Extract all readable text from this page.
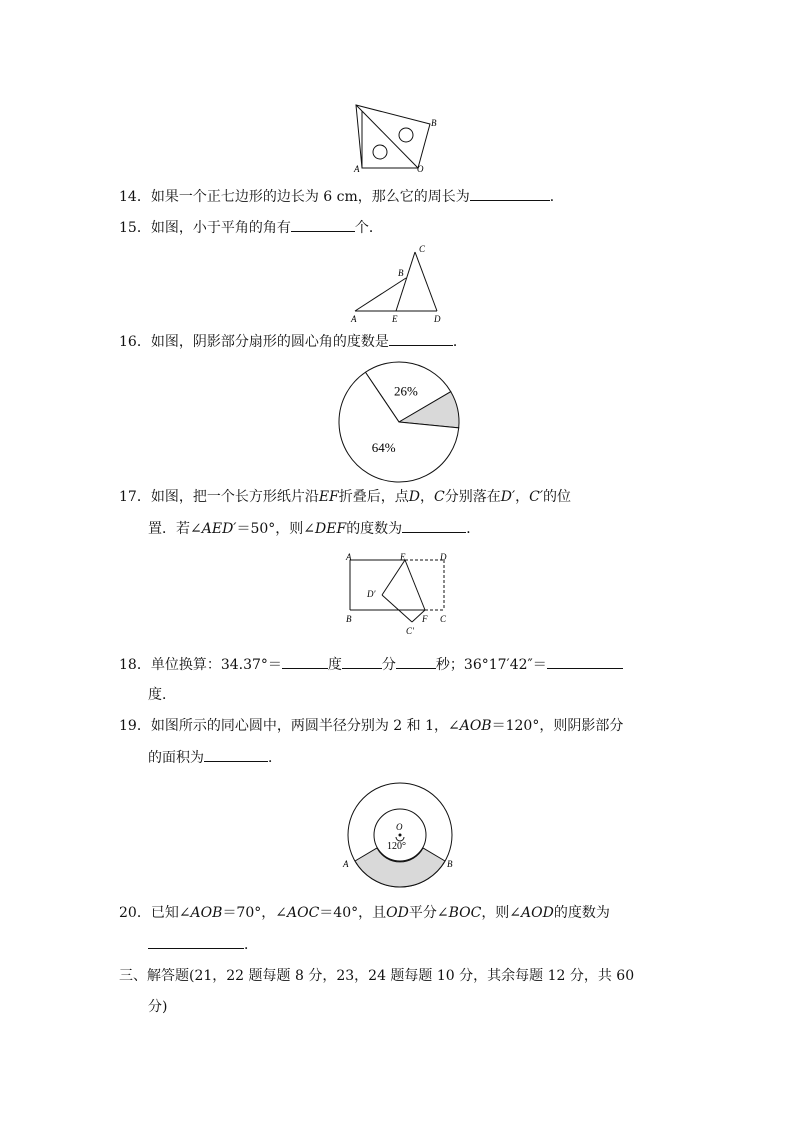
A	O
B
14．如果一个正七边形的边长为 6 cm，那么它的周长为	．
15．如图，小于平角的角有	个．
A	E	D
B
C
16．如图，阴影部分扇形的圆心角的度数是	．
26%
64%
17．如图，把一个长方形纸片沿EF折叠后，点D，C分别落在D′，C′的位
置．若∠AED′＝50°，则∠DEF的度数为	．
A	E	D
D′
B
C′
F C
18．单位换算：34.37°＝	度	分	秒；36°17′42″＝
度．
19．如图所示的同心圆中，两圆半径分别为 2 和 1，∠AOB＝120°，则阴影部分
的面积为	．
O
120°
A	B
20．已知∠AOB＝70°，∠AOC＝40°，且OD平分∠BOC，则∠AOD的度数为
．
三、解答题(21，22 题每题 8 分，23，24 题每题 10 分，其余每题 12 分，共 60
分)
